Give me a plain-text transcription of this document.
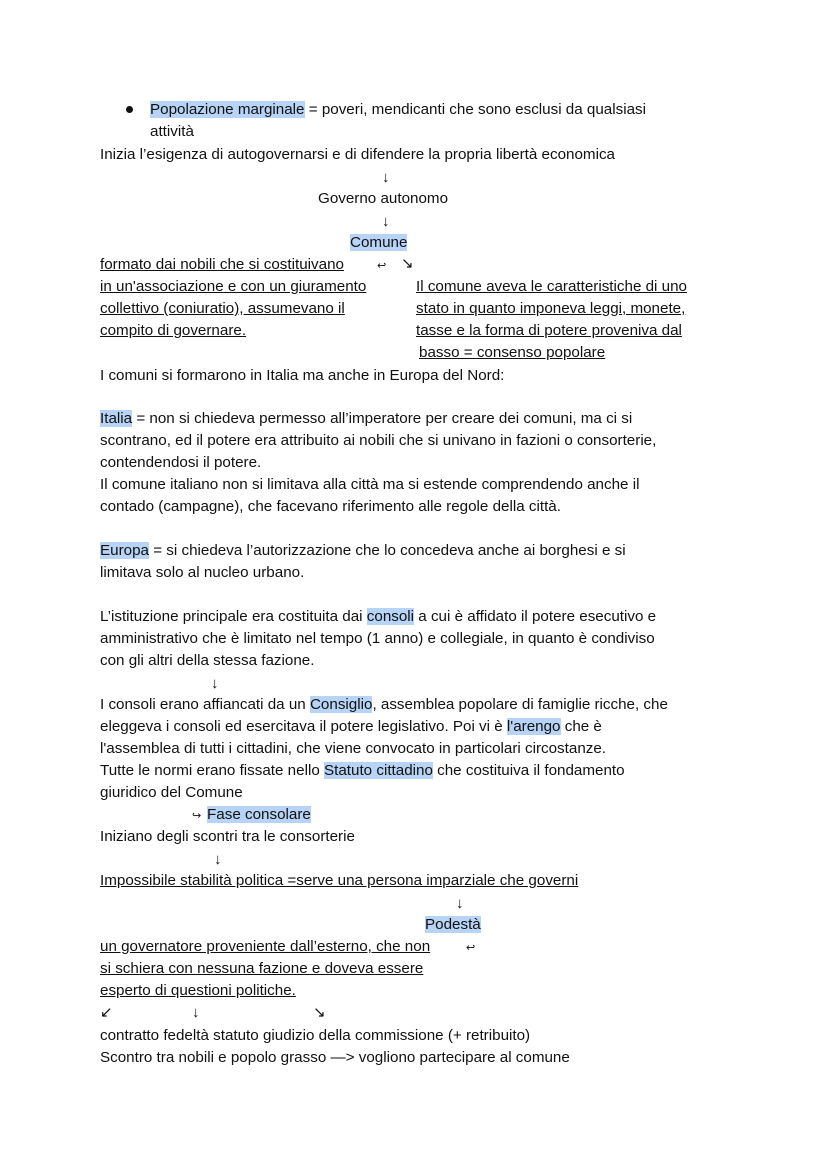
Popolazione marginale = poveri, mendicanti che sono esclusi da qualsiasi
attività
Inizia l’esigenza di autogovernarsi e di difendere la propria libertà economica
↓
Governo autonomo
↓
Comune
formato dai nobili che si costituivano	↩ ↘
in un'associazione e con un giuramento
collettivo (coniuratio), assumevano il
compito di governare.
Il comune aveva le caratteristiche di uno
stato in quanto imponeva leggi, monete,
tasse e la forma di potere proveniva dal
basso = consenso popolare
I comuni si formarono in Italia ma anche in Europa del Nord:
Italia = non si chiedeva permesso all’imperatore per creare dei comuni, ma ci si
scontrano, ed il potere era attribuito ai nobili che si univano in fazioni o consorterie,
contendendosi il potere.
Il comune italiano non si limitava alla città ma si estende comprendendo anche il
contado (campagne), che facevano riferimento alle regole della città.
Europa = si chiedeva l’autorizzazione che lo concedeva anche ai borghesi e si
limitava solo al nucleo urbano.
L’istituzione principale era costituita dai consoli a cui è affidato il potere esecutivo e
amministrativo che è limitato nel tempo (1 anno) e collegiale, in quanto è condiviso
con gli altri della stessa fazione.
↓
I consoli erano affiancati da un Consiglio, assemblea popolare di famiglie ricche, che
eleggeva i consoli ed esercitava il potere legislativo. Poi vi è l'arengo che è
l'assemblea di tutti i cittadini, che viene convocato in particolari circostanze.
Tutte le normi erano fissate nello Statuto cittadino che costituiva il fondamento
giuridico del Comune
↪ Fase consolare
Iniziano degli scontri tra le consorterie
↓
Impossibile stabilità politica =serve una persona imparziale che governi
↓
Podestà
un governatore proveniente dall’esterno, che non	↩
si schiera con nessuna fazione e doveva essere
esperto di questioni politiche.
↙	↓	↘
contratto fedeltà statuto giudizio della commissione (+ retribuito)
Scontro tra nobili e popolo grasso —> vogliono partecipare al comune
